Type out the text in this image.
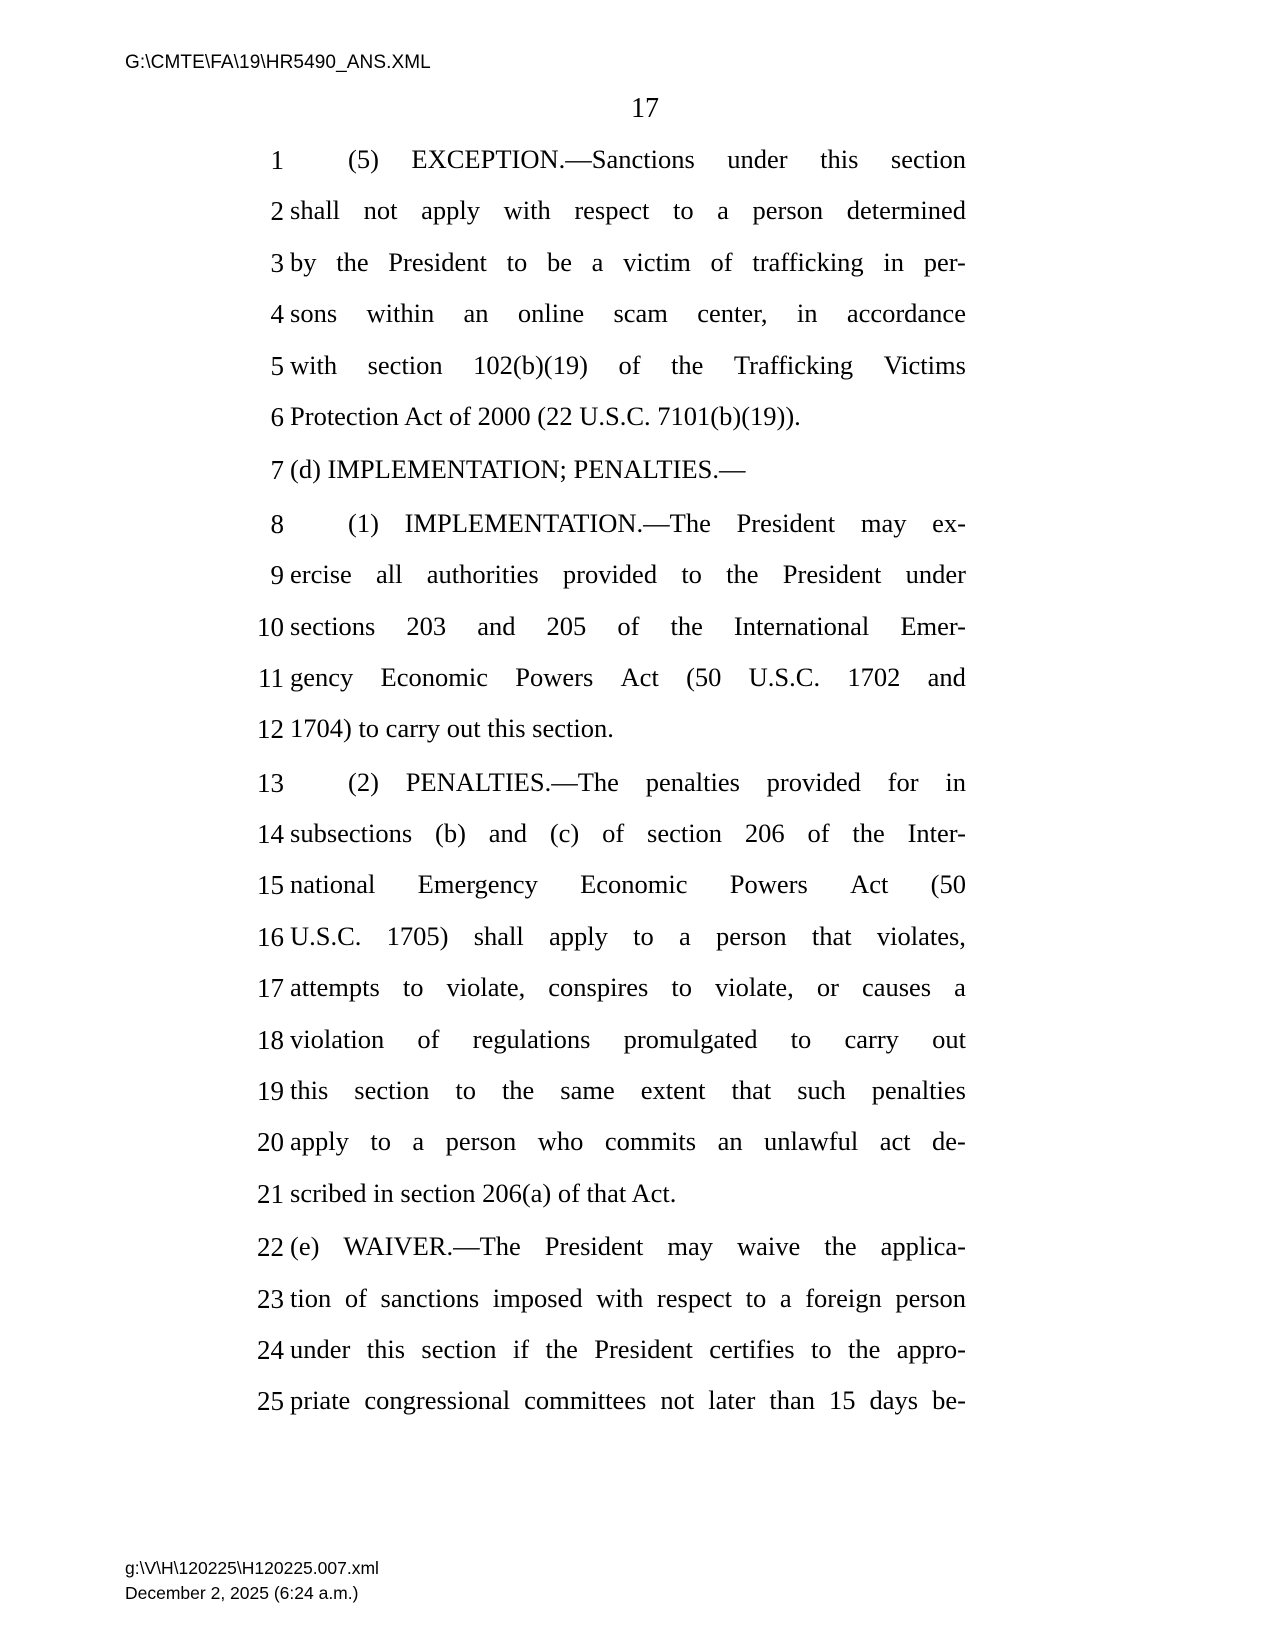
G:\CMTE\FA\19\HR5490_ANS.XML
17
1 (5) EXCEPTION.—Sanctions under this section
2 shall not apply with respect to a person determined
3 by the President to be a victim of trafficking in per-
4 sons within an online scam center, in accordance
5 with section 102(b)(19) of the Trafficking Victims
6 Protection Act of 2000 (22 U.S.C. 7101(b)(19)).
7 (d) IMPLEMENTATION; PENALTIES.—
8 (1) IMPLEMENTATION.—The President may ex-
9 ercise all authorities provided to the President under
10 sections 203 and 205 of the International Emer-
11 gency Economic Powers Act (50 U.S.C. 1702 and
12 1704) to carry out this section.
13 (2) PENALTIES.—The penalties provided for in
14 subsections (b) and (c) of section 206 of the Inter-
15 national Emergency Economic Powers Act (50
16 U.S.C. 1705) shall apply to a person that violates,
17 attempts to violate, conspires to violate, or causes a
18 violation of regulations promulgated to carry out
19 this section to the same extent that such penalties
20 apply to a person who commits an unlawful act de-
21 scribed in section 206(a) of that Act.
22 (e) WAIVER.—The President may waive the applica-
23 tion of sanctions imposed with respect to a foreign person
24 under this section if the President certifies to the appro-
25 priate congressional committees not later than 15 days be-
g:\V\H\120225\H120225.007.xml
December 2, 2025 (6:24 a.m.)
